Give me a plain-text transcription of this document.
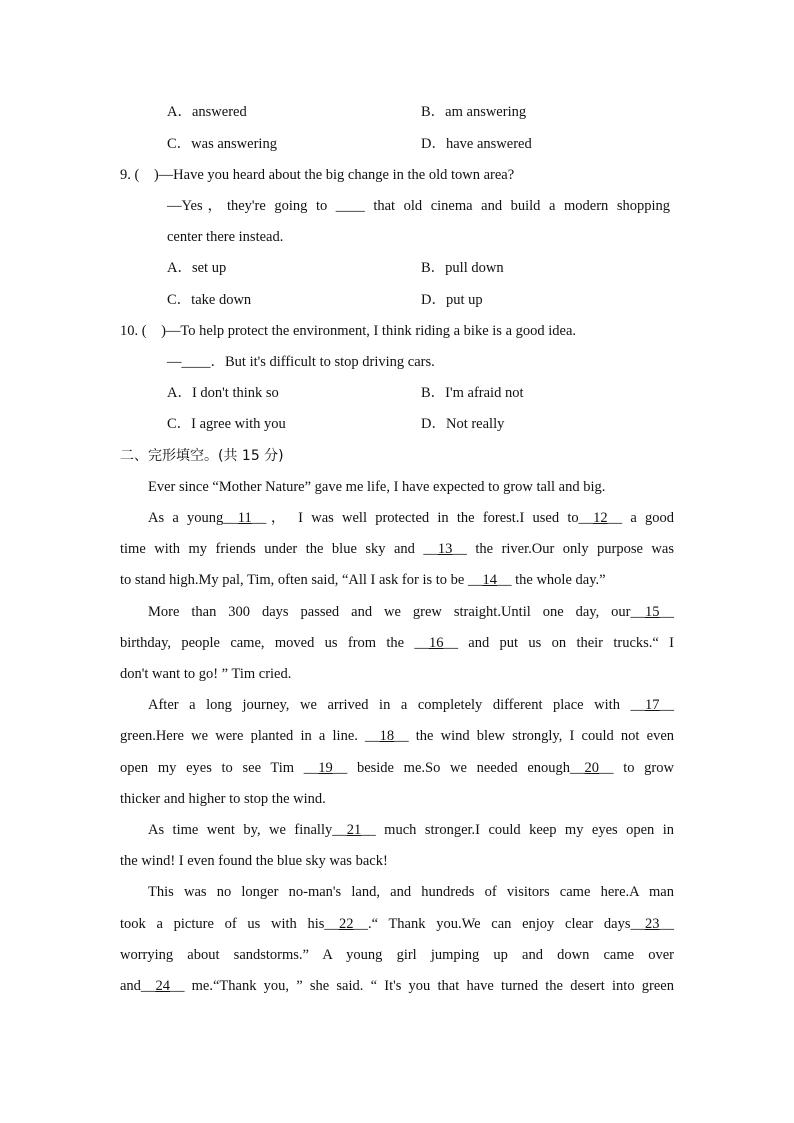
A．answered	B．am answering
C．was answering	D．have answered
9. (　)—Have you heard about the big change in the old town area?
—Yes，they're going to ____ that old cinema and build a modern shopping
center there instead.
A．set up	B．pull down
C．take down	D．put up
10. (　)—To help protect the environment, I think riding a bike is a good idea.
—____．But it's difficult to stop driving cars.
A．I don't think so	B．I'm afraid not
C．I agree with you	D．Not really
二、完形填空。(共 15 分)
Ever since “Mother Nature” gave me life, I have expected to grow tall and big.
As a young__11__， I was well protected in the forest.I used to__12__ a good
time with my friends under the blue sky and __13__ the river.Our only purpose was
to stand high.My pal, Tim, often said, “All I ask for is to be __14__ the whole day.”
More than 300 days passed and we grew straight.Until one day, our__15__
birthday, people came, moved us from the __16__ and put us on their trucks.“ I
don't want to go! ” Tim cried.
After a long journey, we arrived in a completely different place with __17__
green.Here we were planted in a line. __18__ the wind blew strongly, I could not even
open my eyes to see Tim __19__ beside me.So we needed enough__20__ to grow
thicker and higher to stop the wind.
As time went by, we finally__21__ much stronger.I could keep my eyes open in
the wind! I even found the blue sky was back!
This was no longer no-man's land, and hundreds of visitors came here.A man
took a picture of us with his__22__.“ Thank you.We can enjoy clear days__23__
worrying about sandstorms.” A young girl jumping up and down came over
and__24__ me.“Thank you, ” she said. “ It's you that have turned the desert into green
